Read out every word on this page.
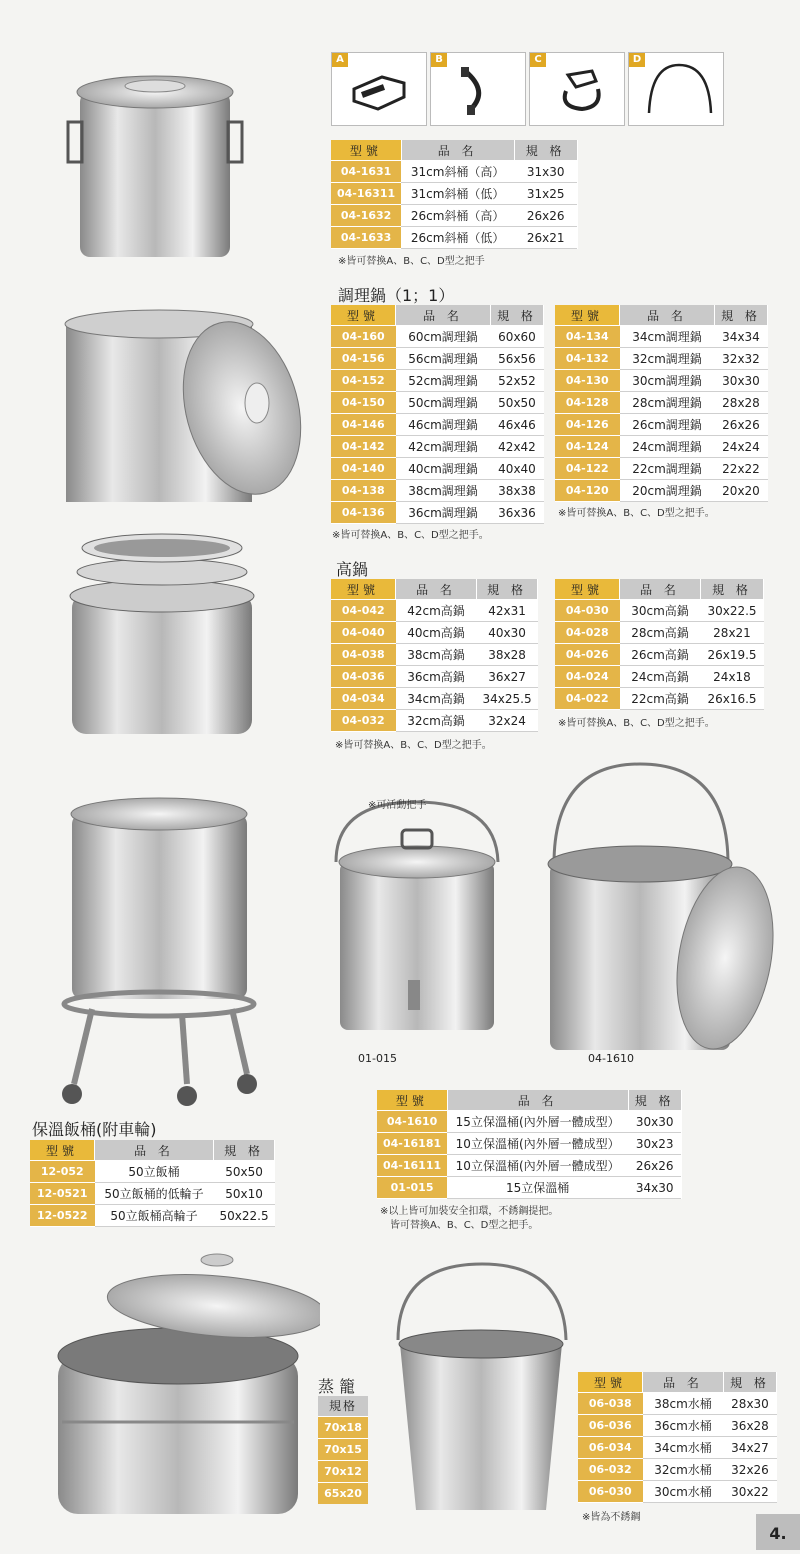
A	B	C	D
※可活動把手
01-015	04-1610
型號	品 名	規 格
04-1631	31cm斜桶（高）	31x30
04-16311	31cm斜桶（低）	31x25
04-1632	26cm斜桶（高）	26x26
04-1633	26cm斜桶（低）	26x21
※皆可替換A、B、C、D型之把手
調理鍋（1；1）
型號	品 名	規 格
04-160	60cm調理鍋	60x60
04-156	56cm調理鍋	56x56
04-152	52cm調理鍋	52x52
04-150	50cm調理鍋	50x50
04-146	46cm調理鍋	46x46
04-142	42cm調理鍋	42x42
04-140	40cm調理鍋	40x40
04-138	38cm調理鍋	38x38
04-136	36cm調理鍋	36x36
型號	品 名	規 格
04-134	34cm調理鍋	34x34
04-132	32cm調理鍋	32x32
04-130	30cm調理鍋	30x30
04-128	28cm調理鍋	28x28
04-126	26cm調理鍋	26x26
04-124	24cm調理鍋	24x24
04-122	22cm調理鍋	22x22
04-120	20cm調理鍋	20x20
※皆可替換A、B、C、D型之把手。
※皆可替換A、B、C、D型之把手。
高鍋
型號	品 名	規 格
04-042	42cm高鍋	42x31
04-040	40cm高鍋	40x30
04-038	38cm高鍋	38x28
04-036	36cm高鍋	36x27
04-034	34cm高鍋	34x25.5
04-032	32cm高鍋	32x24
型號	品 名	規 格
04-030	30cm高鍋	30x22.5
04-028	28cm高鍋	28x21
04-026	26cm高鍋	26x19.5
04-024	24cm高鍋	24x18
04-022	22cm高鍋	26x16.5
※皆可替換A、B、C、D型之把手。
※皆可替換A、B、C、D型之把手。
型號	品 名	規 格
04-1610	15立保溫桶(內外層一體成型）	30x30
04-16181	10立保溫桶(內外層一體成型）	30x23
04-16111	10立保溫桶(內外層一體成型）	26x26
01-015	15立保溫桶	34x30
※以上皆可加裝安全扣環，不銹鋼提把。
皆可替換A、B、C、D型之把手。
保溫飯桶(附車輪)
型號	品 名	規 格
12-052	50立飯桶	50x50
12-0521	50立飯桶的低輪子	50x10
12-0522	50立飯桶高輪子	50x22.5
蒸 籠
規格
70x18
70x15
70x12
65x20
型號	品 名	規 格
06-038	38cm水桶	28x30
06-036	36cm水桶	36x28
06-034	34cm水桶	34x27
06-032	32cm水桶	32x26
06-030	30cm水桶	30x22
※皆為不銹鋼
4.
